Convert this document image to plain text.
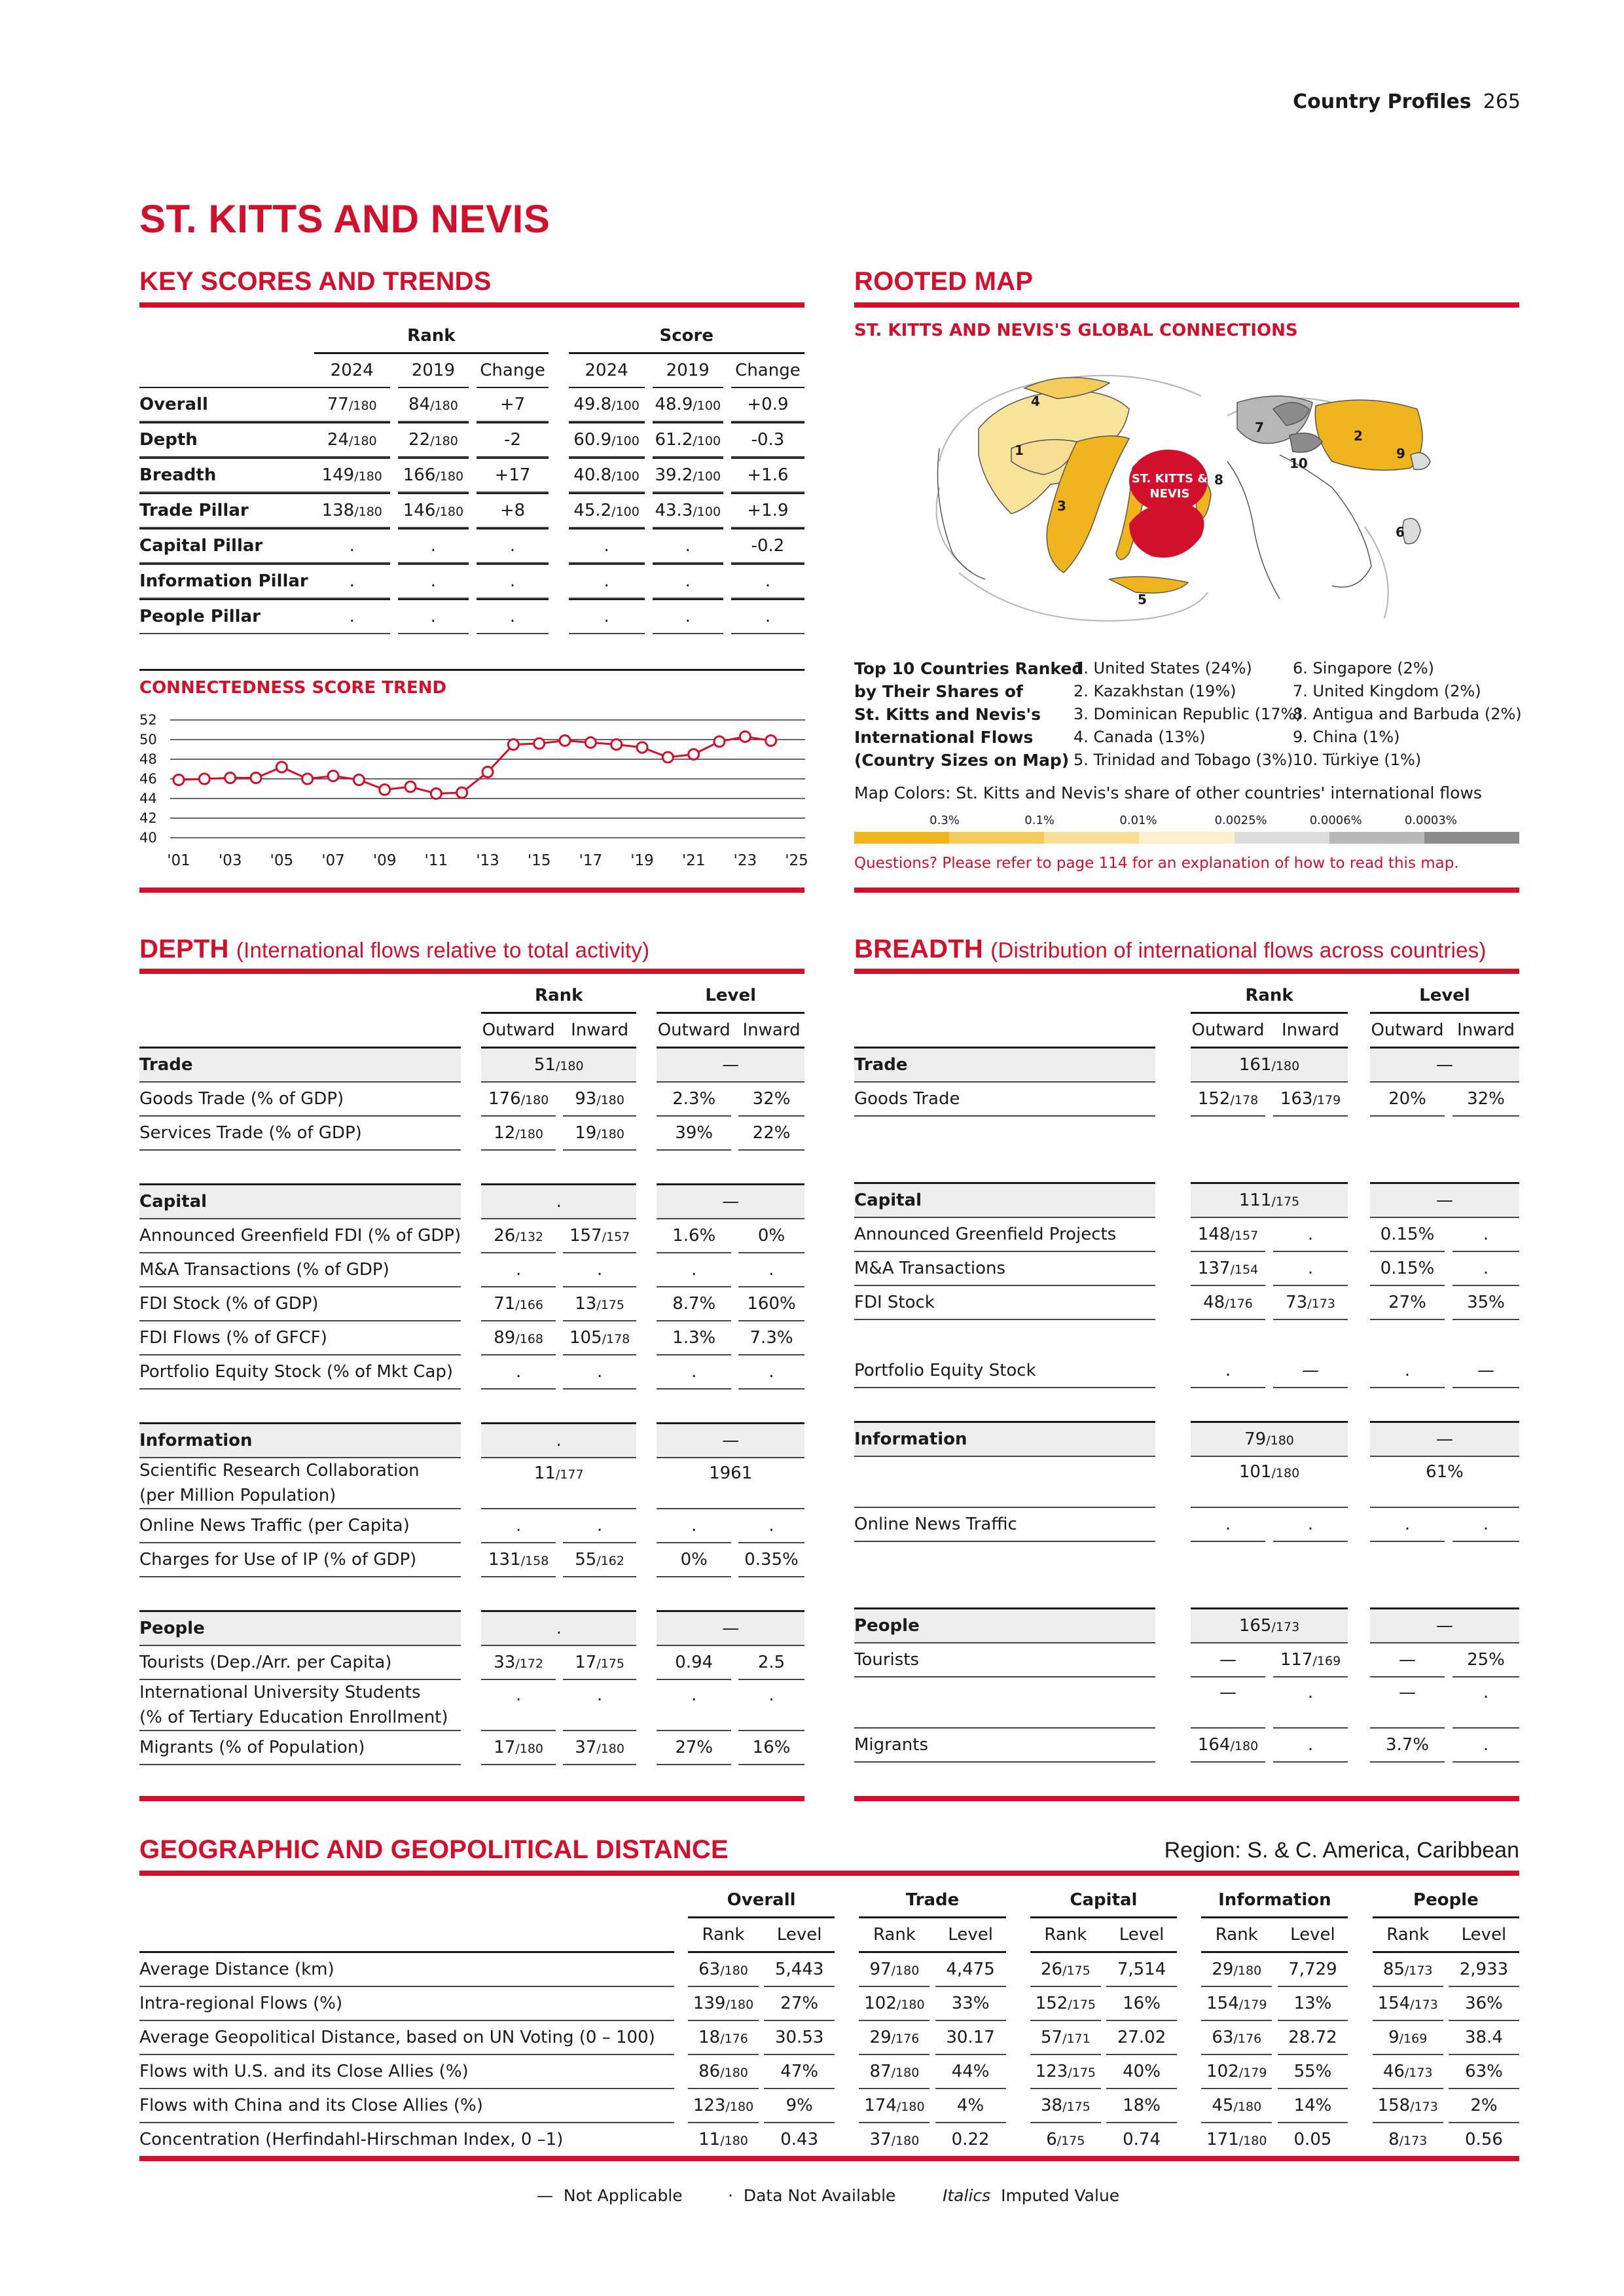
Country Profiles 265
ST. KITTS AND NEVIS
KEY SCORES AND TRENDS
	Rank						Score				
	2024		2019		Change		2024		2019		Change
Overall	77/180		84/180		+7		49.8/100		48.9/100		+0.9
Depth	24/180		22/180		-2		60.9/100		61.2/100		-0.3
Breadth	149/180		166/180		+17		40.8/100		39.2/100		+1.6
Trade Pillar	138/180		146/180		+8		45.2/100		43.3/100		+1.9
Capital Pillar	.		.		.		.		.		-0.2
Information Pillar	.		.		.		.		.		.
People Pillar	.		.		.		.		.		.
CONNECTEDNESS SCORE TREND
52
50
48
46
44
42
40
'01 '03 '05 '07 '09 '11 '13 '15 '17 '19 '21 '23 '25
ROOTED MAP
ST. KITTS AND NEVIS'S GLOBAL CONNECTIONS
1
2
3
4
5
6
7
8
9
10
ST. KITTS &
NEVIS
Top 10 Countries Ranked
by Their Shares of
St. Kitts and Nevis's
International Flows
(Country Sizes on Map)
1. United States (24%)
2. Kazakhstan (19%)
3. Dominican Republic (17%)
4. Canada (13%)
5. Trinidad and Tobago (3%)
6. Singapore (2%)
7. United Kingdom (2%)
8. Antigua and Barbuda (2%)
9. China (1%)
10. Türkiye (1%)
Map Colors: St. Kitts and Nevis's share of other countries' international flows
0.3%	0.1%	0.01%	0.0025%	0.0006%	0.0003%
Questions? Please refer to page 114 for an explanation of how to read this map.
DEPTH (International flows relative to total activity)
		Rank				Level		
		Outward		Inward		Outward		Inward
Trade		51/180				—		
Goods Trade (% of GDP)		176/180		93/180		2.3%		32%
Services Trade (% of GDP)		12/180		19/180		39%		22%

Capital		.				—		
Announced Greenfield FDI (% of GDP)		26/132		157/157		1.6%		0%
M&A Transactions (% of GDP)		.		.		.		.
FDI Stock (% of GDP)		71/166		13/175		8.7%		160%
FDI Flows (% of GFCF)		89/168		105/178		1.3%		7.3%
Portfolio Equity Stock (% of Mkt Cap)		.		.		.		.

Information		.				—		

Scientific Research Collaboration
(per Million Population)		11/177				1961		
Online News Traffic (per Capita)		.		.		.		.
Charges for Use of IP (% of GDP)		131/158		55/162		0%		0.35%

People		.				—		
Tourists (Dep./Arr. per Capita)		33/172		17/175		0.94		2.5

International University Students
(% of Tertiary Education Enrollment)		.		.		.		.
Migrants (% of Population)		17/180		37/180		27%		16%
BREADTH (Distribution of international flows across countries)
		Rank				Level		
		Outward		Inward		Outward		Inward
Trade		161/180				—		
Goods Trade		152/178		163/179		20%		32%

Capital		111/175				—		
Announced Greenfield Projects		148/157		.		0.15%		.
M&A Transactions		137/154		.		0.15%		.
FDI Stock		48/176		73/173		27%		35%

Portfolio Equity Stock		.		—		.		—

Information		79/180				—		

		101/180				61%		
Online News Traffic		.		.		.		.

People		165/173				—		
Tourists		—		117/169		—		25%

		—		.		—		.
Migrants		164/180		.		3.7%		.
GEOGRAPHIC AND GEOPOLITICAL DISTANCE	Region: S. & C. America, Caribbean
		Overall				Trade				Capital				Information				People		
		Rank		Level		Rank		Level		Rank		Level		Rank		Level		Rank		Level
Average Distance (km)		63/180		5,443		97/180		4,475		26/175		7,514		29/180		7,729		85/173		2,933
Intra-regional Flows (%)		139/180		27%		102/180		33%		152/175		16%		154/179		13%		154/173		36%
Average Geopolitical Distance, based on UN Voting (0 – 100)		18/176		30.53		29/176		30.17		57/171		27.02		63/176		28.72		9/169		38.4
Flows with U.S. and its Close Allies (%)		86/180		47%		87/180		44%		123/175		40%		102/179		55%		46/173		63%
Flows with China and its Close Allies (%)		123/180		9%		174/180		4%		38/175		18%		45/180		14%		158/173		2%
Concentration (Herfindahl-Hirschman Index, 0 –1)		11/180		0.43		37/180		0.22		6/175		0.74		171/180		0.05		8/173		0.56
— Not Applicable	· Data Not Available	Italics Imputed Value
